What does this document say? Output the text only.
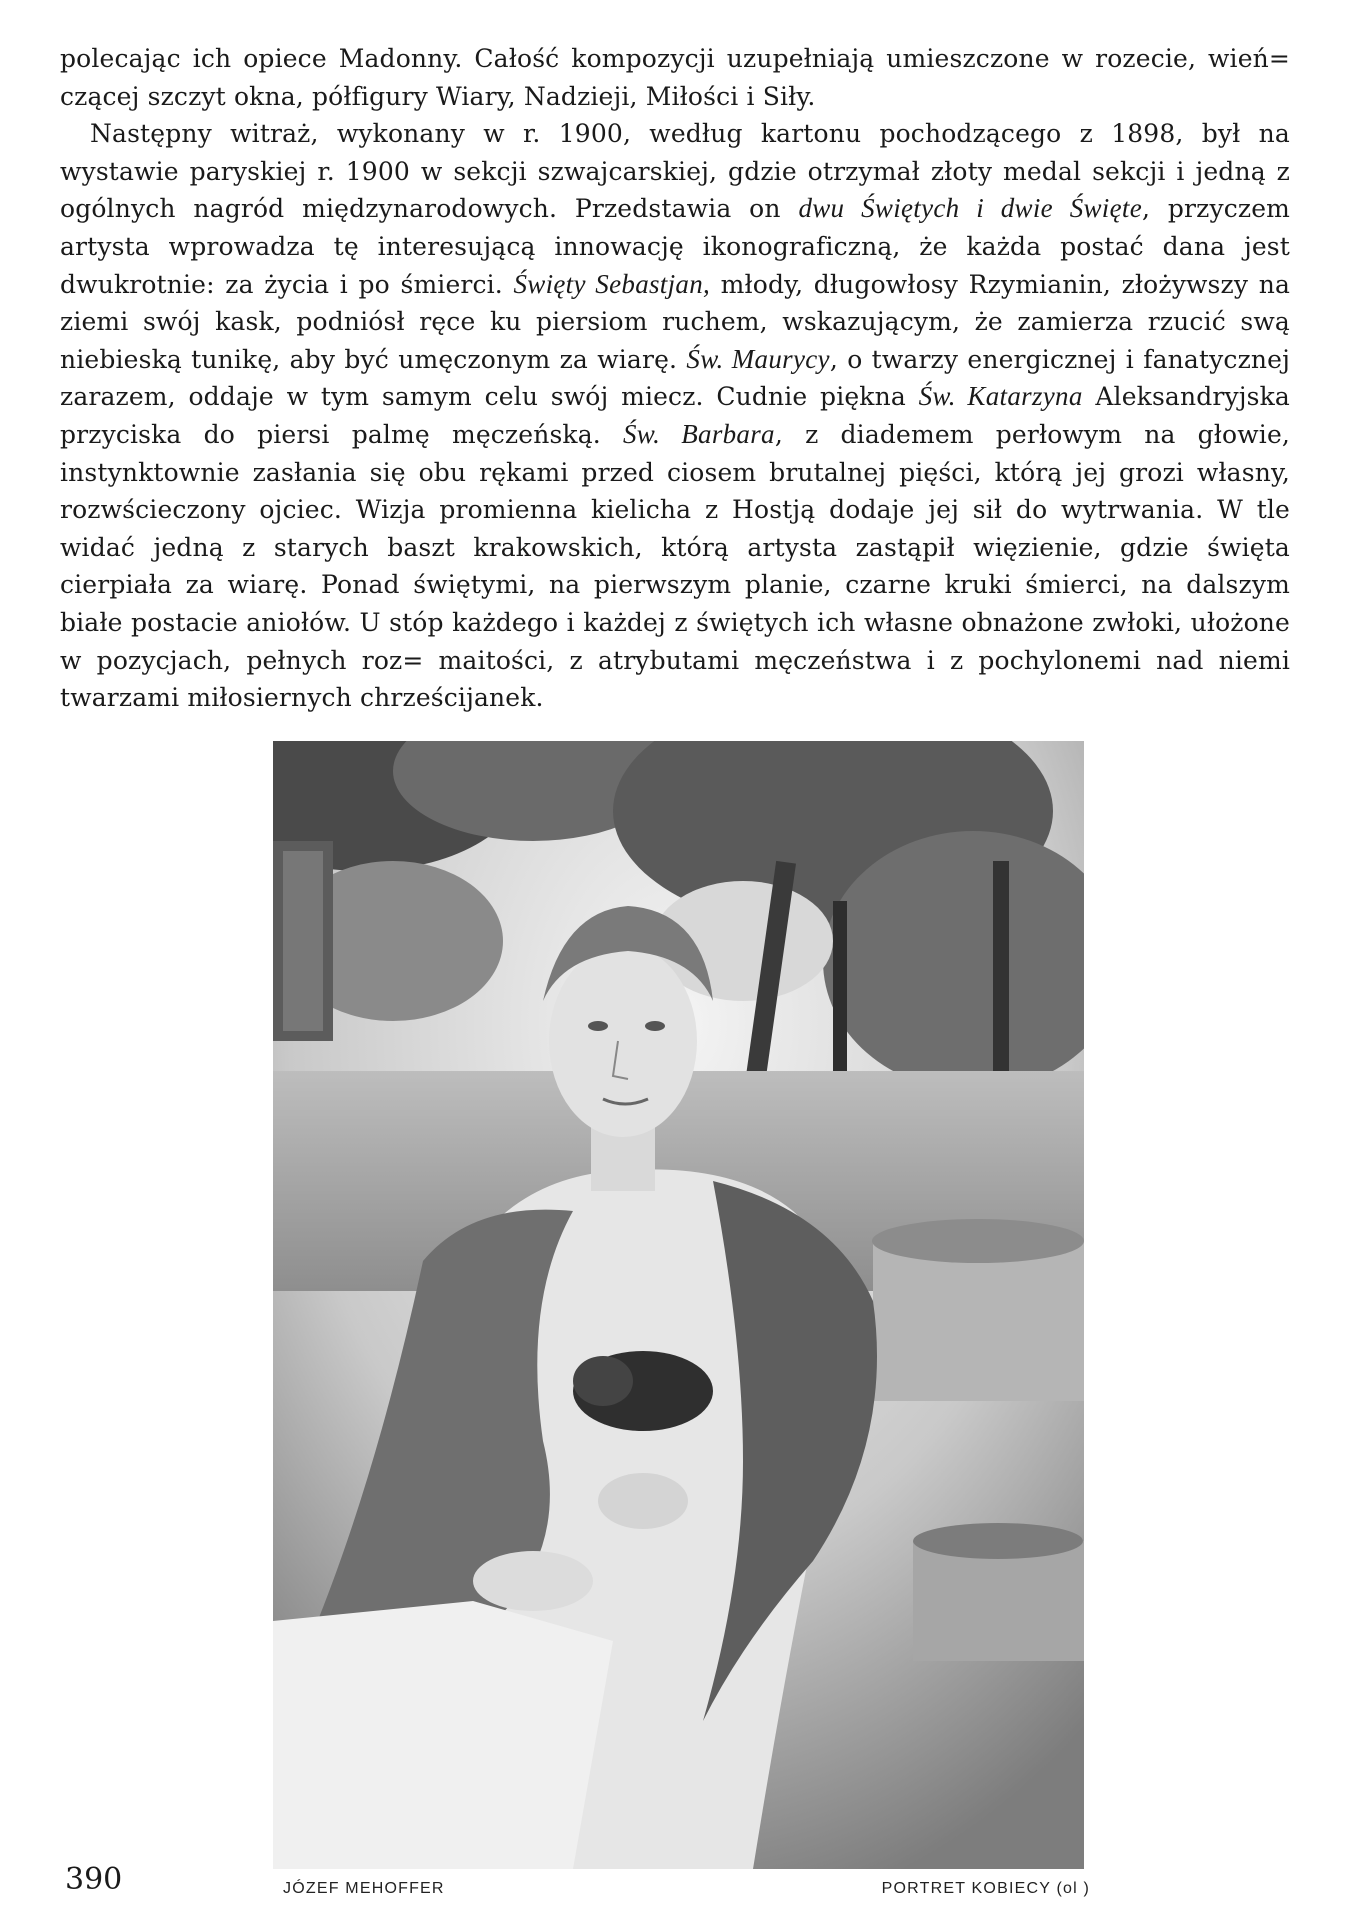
polecając ich opiece Madonny. Całość kompozycji uzupełniają umieszczone w rozecie, wień= czącej szczyt okna, półfigury Wiary, Nadzieji, Miłości i Siły.

Następny witraż, wykonany w r. 1900, według kartonu pochodzącego z 1898, był na wystawie paryskiej r. 1900 w sekcji szwajcarskiej, gdzie otrzymał złoty medal sekcji i jedną z ogólnych nagród międzynarodowych. Przedstawia on dwu Świętych i dwie Święte, przyczem artysta wprowadza tę interesującą innowację ikonograficzną, że każda postać dana jest dwukrotnie: za życia i po śmierci. Święty Sebastjan, młody, długowłosy Rzymianin, złożywszy na ziemi swój kask, podniósł ręce ku piersiom ruchem, wskazującym, że zamierza rzucić swą niebieską tunikę, aby być umęczonym za wiarę. Św. Maurycy, o twarzy energicznej i fanatycznej zarazem, oddaje w tym samym celu swój miecz. Cudnie piękna Św. Katarzyna Aleksandryjska przyciska do piersi palmę męczeńską. Św. Barbara, z diademem perłowym na głowie, instynktownie zasłania się obu rękami przed ciosem brutalnej pięści, którą jej grozi własny, rozwścieczony ojciec. Wizja promienna kielicha z Hostją dodaje jej sił do wytrwania. W tle widać jedną z starych baszt krakowskich, którą artysta zastąpił więzienie, gdzie święta cierpiała za wiarę. Ponad świętymi, na pierwszym planie, czarne kruki śmierci, na dalszym białe postacie aniołów. U stóp każdego i każdej z świętych ich własne obnażone zwłoki, ułożone w pozycjach, pełnych roz= maitości, z atrybutami męczeństwa i z pochylonemi nad niemi twarzami miłosiernych chrześcijanek.

JÓZEF MEHOFFER	PORTRET KOBIECY (ol )
390
